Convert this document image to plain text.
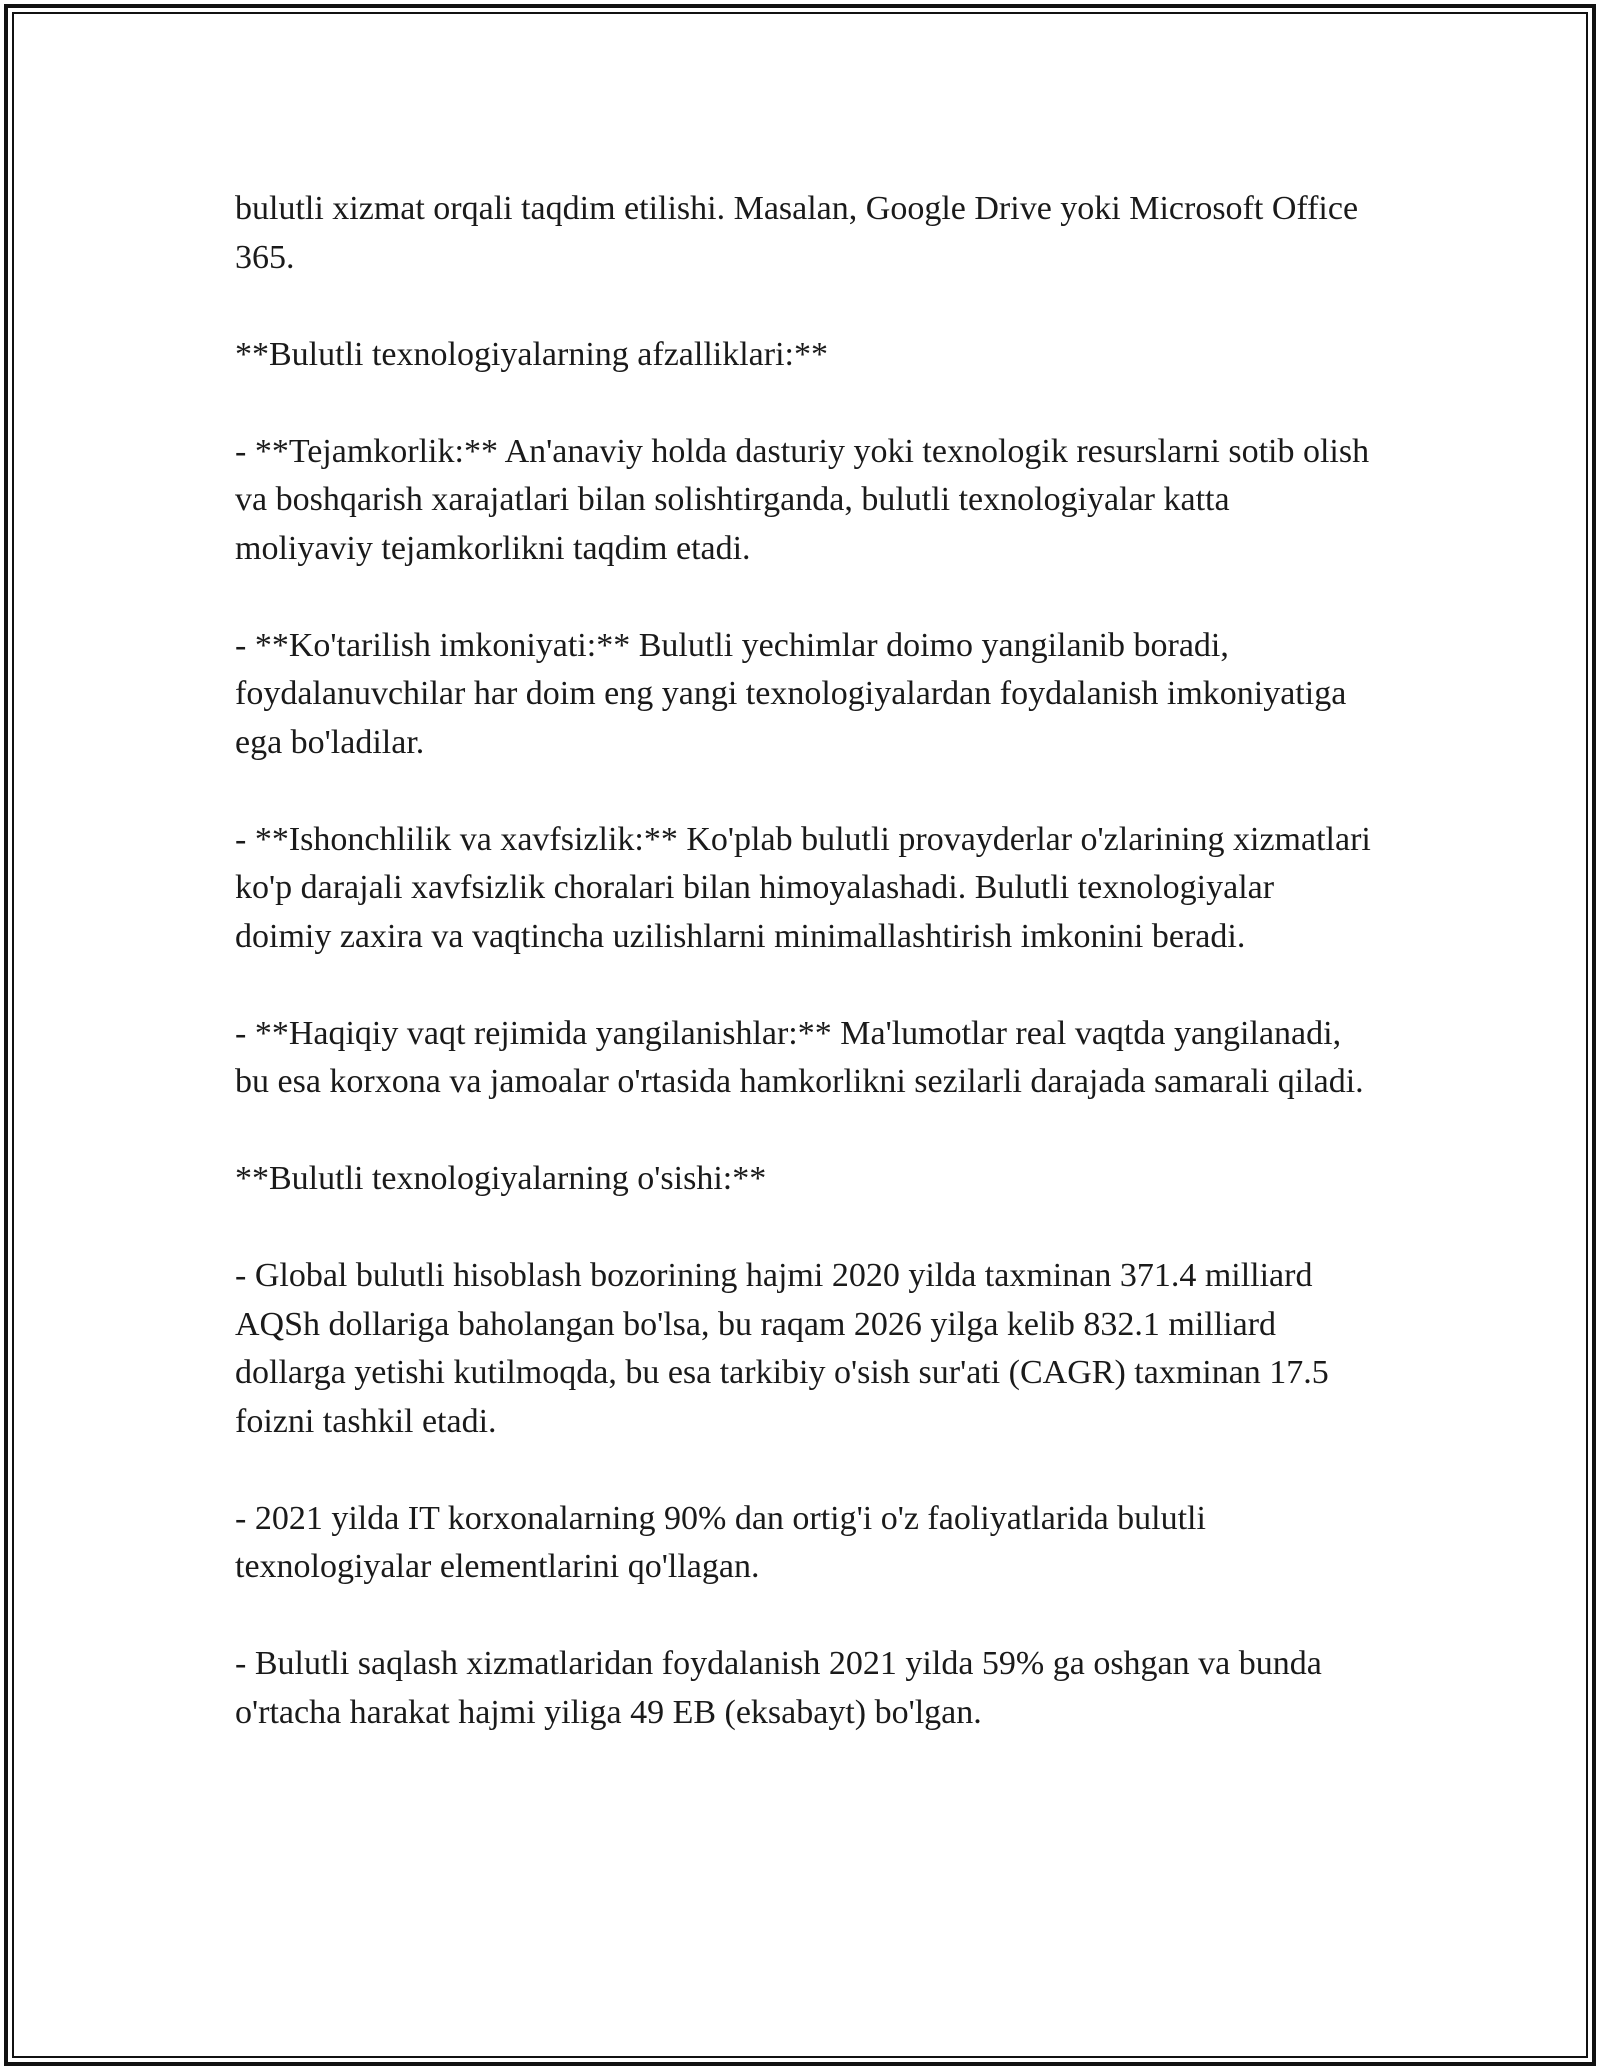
bulutli xizmat orqali taqdim etilishi. Masalan, Google Drive yoki Microsoft Office 365.

**Bulutli texnologiyalarning afzalliklari:**

- **Tejamkorlik:** An'anaviy holda dasturiy yoki texnologik resurslarni sotib olish va boshqarish xarajatlari bilan solishtirganda, bulutli texnologiyalar katta moliyaviy tejamkorlikni taqdim etadi.

- **Ko'tarilish imkoniyati:** Bulutli yechimlar doimo yangilanib boradi, foydalanuvchilar har doim eng yangi texnologiyalardan foydalanish imkoniyatiga ega bo'ladilar.

- **Ishonchlilik va xavfsizlik:** Ko'plab bulutli provayderlar o'zlarining xizmatlari ko'p darajali xavfsizlik choralari bilan himoyalashadi. Bulutli texnologiyalar doimiy zaxira va vaqtincha uzilishlarni minimallashtirish imkonini beradi.

- **Haqiqiy vaqt rejimida yangilanishlar:** Ma'lumotlar real vaqtda yangilanadi, bu esa korxona va jamoalar o'rtasida hamkorlikni sezilarli darajada samarali qiladi.

**Bulutli texnologiyalarning o'sishi:**

- Global bulutli hisoblash bozorining hajmi 2020 yilda taxminan 371.4 milliard AQSh dollariga baholangan bo'lsa, bu raqam 2026 yilga kelib 832.1 milliard dollarga yetishi kutilmoqda, bu esa tarkibiy o'sish sur'ati (CAGR) taxminan 17.5 foizni tashkil etadi.

- 2021 yilda IT korxonalarning 90% dan ortig'i o'z faoliyatlarida bulutli texnologiyalar elementlarini qo'llagan.

- Bulutli saqlash xizmatlaridan foydalanish 2021 yilda 59% ga oshgan va bunda o'rtacha harakat hajmi yiliga 49 EB (eksabayt) bo'lgan.
